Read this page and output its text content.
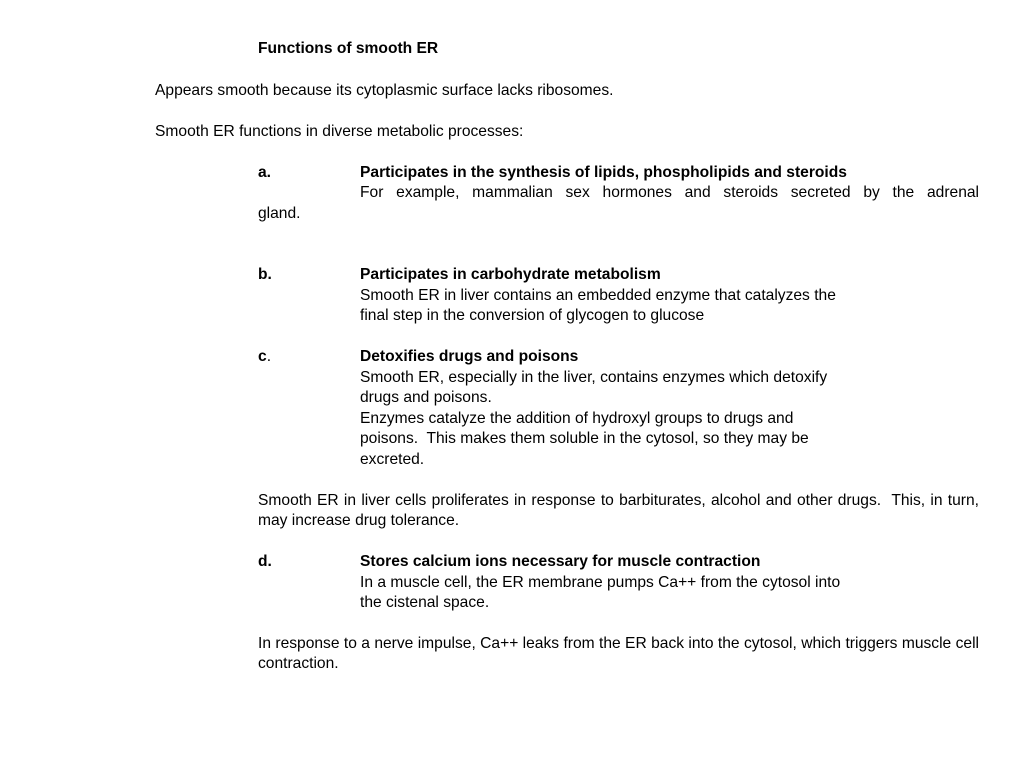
Functions of smooth ER
Appears smooth because its cytoplasmic surface lacks ribosomes.
Smooth ER functions in diverse metabolic processes:
a.	Participates in the synthesis of lipids, phospholipids and steroids
For example, mammalian sex hormones and steroids secreted by the adrenal
gland.
b.	Participates in carbohydrate metabolism
Smooth ER in liver contains an embedded enzyme that catalyzes the
final step in the conversion of glycogen to glucose
c.	Detoxifies drugs and poisons
Smooth ER, especially in the liver, contains enzymes which detoxify
drugs and poisons.
Enzymes catalyze the addition of hydroxyl groups to drugs and
poisons.  This makes them soluble in the cytosol, so they may be
excreted.
Smooth ER in liver cells proliferates in response to barbiturates, alcohol and other drugs.  This, in turn, may increase drug tolerance.
d.	Stores calcium ions necessary for muscle contraction
In a muscle cell, the ER membrane pumps Ca++ from the cytosol into
the cistenal space.
In response to a nerve impulse, Ca++ leaks from the ER back into the cytosol, which triggers muscle cell contraction.
